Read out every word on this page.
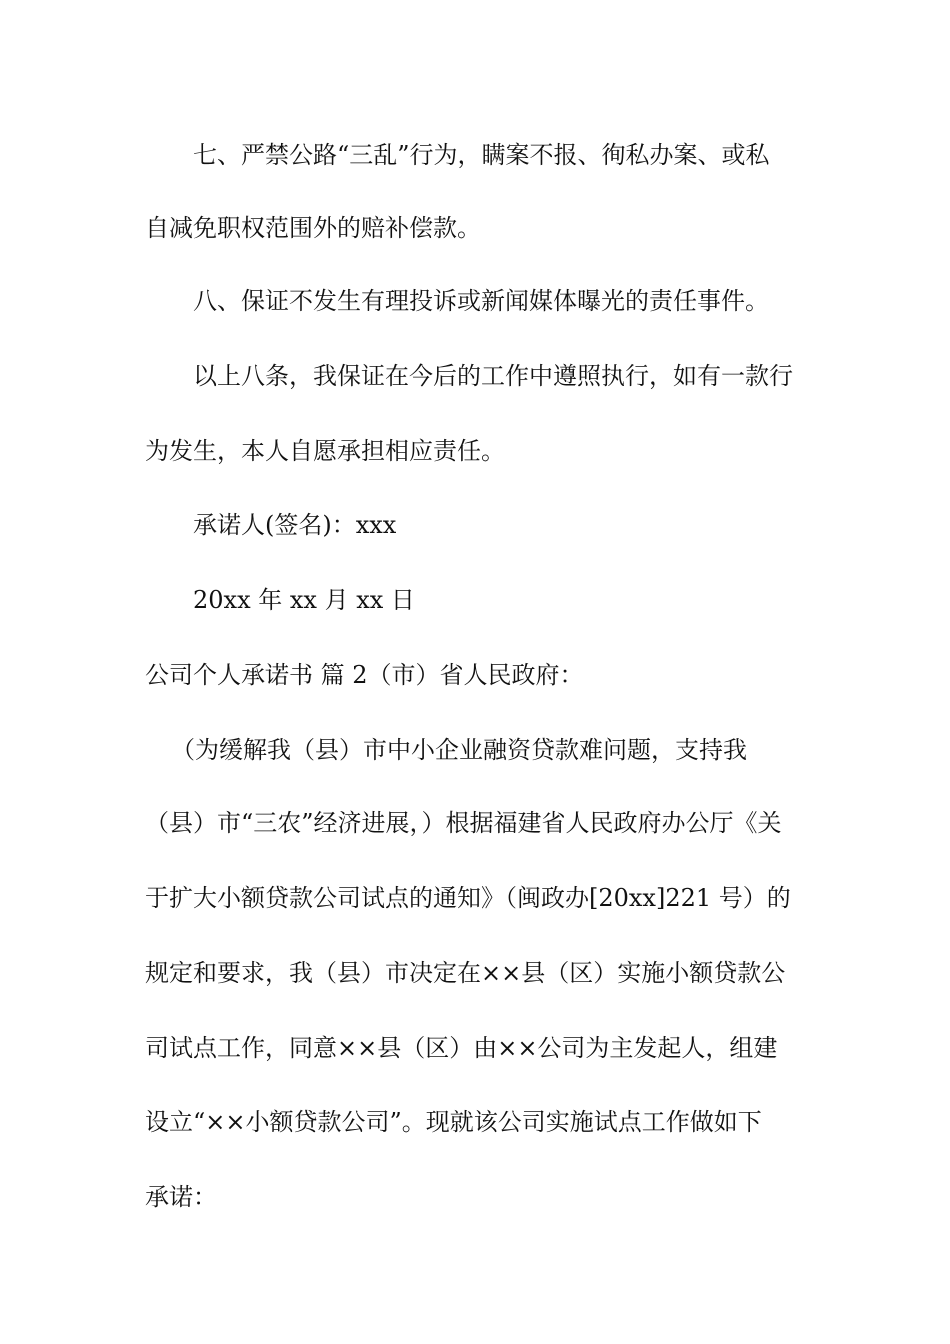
七、严禁公路“三乱”行为，瞒案不报、徇私办案、或私
自减免职权范围外的赔补偿款。
八、保证不发生有理投诉或新闻媒体曝光的责任事件。
以上八条，我保证在今后的工作中遵照执行，如有一款行
为发生，本人自愿承担相应责任。
承诺人(签名)：xxx
20xx 年 xx 月 xx 日
公司个人承诺书 篇 2（市）省人民政府：
（为缓解我（县）市中小企业融资贷款难问题，支持我
（县）市“三农”经济进展，）根据福建省人民政府办公厅《关
于扩大小额贷款公司试点的通知》（闽政办[20xx]221 号）的
规定和要求，我（县）市决定在××县（区）实施小额贷款公
司试点工作，同意××县（区）由××公司为主发起人，组建
设立“××小额贷款公司”。现就该公司实施试点工作做如下
承诺：
